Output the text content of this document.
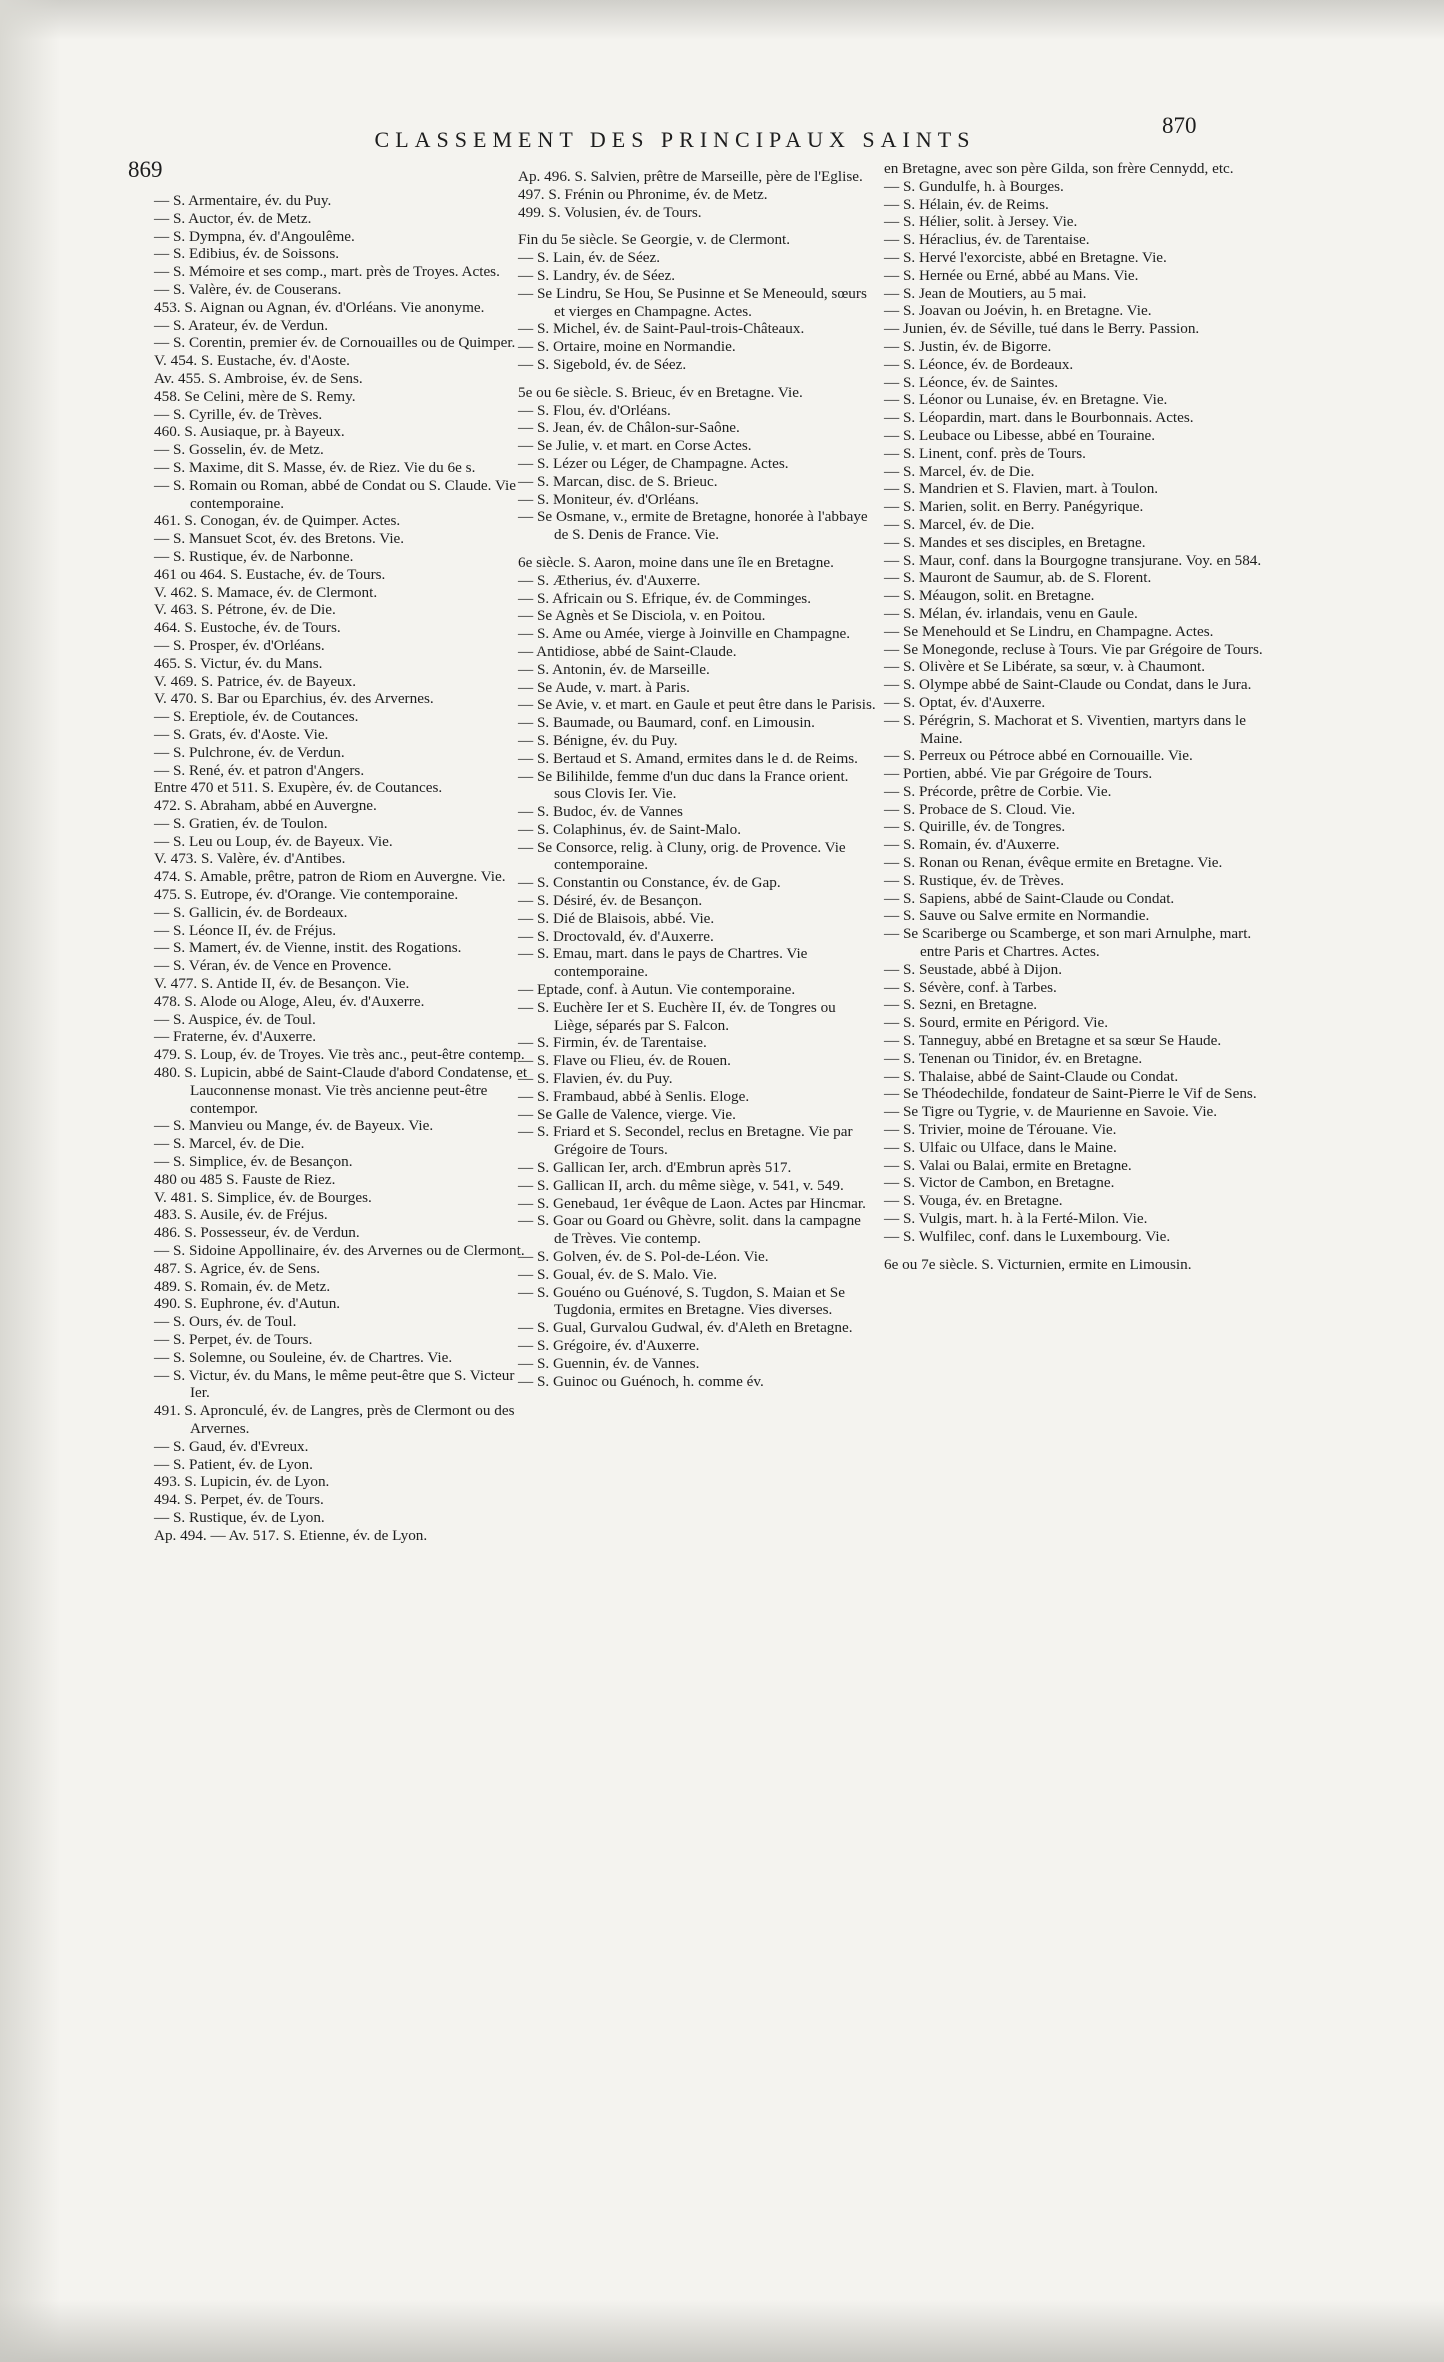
869
CLASSEMENT DES PRINCIPAUX SAINTS
870

— S. Armentaire, év. du Puy.

— S. Auctor, év. de Metz.

— S. Dympna, év. d'Angoulême.

— S. Edibius, év. de Soissons.

— S. Mémoire et ses comp., mart. près de Troyes. Actes.

— S. Valère, év. de Couserans.

453. S. Aignan ou Agnan, év. d'Orléans. Vie anonyme.

— S. Arateur, év. de Verdun.

— S. Corentin, premier év. de Cornouailles ou de Quimper.

V. 454. S. Eustache, év. d'Aoste.

Av. 455. S. Ambroise, év. de Sens.

458. Se Celini, mère de S. Remy.

— S. Cyrille, év. de Trèves.

460. S. Ausiaque, pr. à Bayeux.

— S. Gosselin, év. de Metz.

— S. Maxime, dit S. Masse, év. de Riez. Vie du 6e s.

— S. Romain ou Roman, abbé de Condat ou S. Claude. Vie contemporaine.

461. S. Conogan, év. de Quimper. Actes.

— S. Mansuet Scot, év. des Bretons. Vie.

— S. Rustique, év. de Narbonne.

461 ou 464. S. Eustache, év. de Tours.

V. 462. S. Mamace, év. de Clermont.

V. 463. S. Pétrone, év. de Die.

464. S. Eustoche, év. de Tours.

— S. Prosper, év. d'Orléans.

465. S. Victur, év. du Mans.

V. 469. S. Patrice, év. de Bayeux.

V. 470. S. Bar ou Eparchius, év. des Arvernes.

— S. Ereptiole, év. de Coutances.

— S. Grats, év. d'Aoste. Vie.

— S. Pulchrone, év. de Verdun.

— S. René, év. et patron d'Angers.

Entre 470 et 511. S. Exupère, év. de Coutances.

472. S. Abraham, abbé en Auvergne.

— S. Gratien, év. de Toulon.

— S. Leu ou Loup, év. de Bayeux. Vie.

V. 473. S. Valère, év. d'Antibes.

474. S. Amable, prêtre, patron de Riom en Auvergne. Vie.

475. S. Eutrope, év. d'Orange. Vie contemporaine.

— S. Gallicin, év. de Bordeaux.

— S. Léonce II, év. de Fréjus.

— S. Mamert, év. de Vienne, instit. des Rogations.

— S. Véran, év. de Vence en Provence.

V. 477. S. Antide II, év. de Besançon. Vie.

478. S. Alode ou Aloge, Aleu, év. d'Auxerre.

— S. Auspice, év. de Toul.

— Fraterne, év. d'Auxerre.

479. S. Loup, év. de Troyes. Vie très anc., peut-être contemp.

480. S. Lupicin, abbé de Saint-Claude d'abord Condatense, et Lauconnense monast. Vie très ancienne peut-être contempor.

— S. Manvieu ou Mange, év. de Bayeux. Vie.

— S. Marcel, év. de Die.

— S. Simplice, év. de Besançon.

480 ou 485 S. Fauste de Riez.

V. 481. S. Simplice, év. de Bourges.

483. S. Ausile, év. de Fréjus.

486. S. Possesseur, év. de Verdun.

— S. Sidoine Appollinaire, év. des Arvernes ou de Clermont.

487. S. Agrice, év. de Sens.

489. S. Romain, év. de Metz.

490. S. Euphrone, év. d'Autun.

— S. Ours, év. de Toul.

— S. Perpet, év. de Tours.

— S. Solemne, ou Souleine, év. de Chartres. Vie.

— S. Victur, év. du Mans, le même peut-être que S. Victeur Ier.

491. S. Apronculé, év. de Langres, près de Clermont ou des Arvernes.

— S. Gaud, év. d'Evreux.

— S. Patient, év. de Lyon.

493. S. Lupicin, év. de Lyon.

494. S. Perpet, év. de Tours.

— S. Rustique, év. de Lyon.

Ap. 494. — Av. 517. S. Etienne, év. de Lyon.

Ap. 496. S. Salvien, prêtre de Marseille, père de l'Eglise.

497. S. Frénin ou Phronime, év. de Metz.

499. S. Volusien, év. de Tours.

Fin du 5e siècle. Se Georgie, v. de Clermont.

— S. Lain, év. de Séez.

— S. Landry, év. de Séez.

— Se Lindru, Se Hou, Se Pusinne et Se Meneould, sœurs et vierges en Champagne. Actes.

— S. Michel, év. de Saint-Paul-trois-Châteaux.

— S. Ortaire, moine en Normandie.

— S. Sigebold, év. de Séez.

5e ou 6e siècle. S. Brieuc, év en Bretagne. Vie.

— S. Flou, év. d'Orléans.

— S. Jean, év. de Châlon-sur-Saône.

— Se Julie, v. et mart. en Corse Actes.

— S. Lézer ou Léger, de Champagne. Actes.

— S. Marcan, disc. de S. Brieuc.

— S. Moniteur, év. d'Orléans.

— Se Osmane, v., ermite de Bretagne, honorée à l'abbaye de S. Denis de France. Vie.

6e siècle. S. Aaron, moine dans une île en Bretagne.

— S. Ætherius, év. d'Auxerre.

— S. Africain ou S. Efrique, év. de Comminges.

— Se Agnès et Se Disciola, v. en Poitou.

— S. Ame ou Amée, vierge à Joinville en Champagne.

— Antidiose, abbé de Saint-Claude.

— S. Antonin, év. de Marseille.

— Se Aude, v. mart. à Paris.

— Se Avie, v. et mart. en Gaule et peut être dans le Parisis.

— S. Baumade, ou Baumard, conf. en Limousin.

— S. Bénigne, év. du Puy.

— S. Bertaud et S. Amand, ermites dans le d. de Reims.

— Se Bilihilde, femme d'un duc dans la France orient. sous Clovis Ier. Vie.

— S. Budoc, év. de Vannes

— S. Colaphinus, év. de Saint-Malo.

— Se Consorce, relig. à Cluny, orig. de Provence. Vie contemporaine.

— S. Constantin ou Constance, év. de Gap.

— S. Désiré, év. de Besançon.

— S. Dié de Blaisois, abbé. Vie.

— S. Droctovald, év. d'Auxerre.

— S. Emau, mart. dans le pays de Chartres. Vie contemporaine.

— Eptade, conf. à Autun. Vie contemporaine.

— S. Euchère Ier et S. Euchère II, év. de Tongres ou Liège, séparés par S. Falcon.

— S. Firmin, év. de Tarentaise.

— S. Flave ou Flieu, év. de Rouen.

— S. Flavien, év. du Puy.

— S. Frambaud, abbé à Senlis. Eloge.

— Se Galle de Valence, vierge. Vie.

— S. Friard et S. Secondel, reclus en Bretagne. Vie par Grégoire de Tours.

— S. Gallican Ier, arch. d'Embrun après 517.

— S. Gallican II, arch. du même siège, v. 541, v. 549.

— S. Genebaud, 1er évêque de Laon. Actes par Hincmar.

— S. Goar ou Goard ou Ghèvre, solit. dans la campagne de Trèves. Vie contemp.

— S. Golven, év. de S. Pol-de-Léon. Vie.

— S. Goual, év. de S. Malo. Vie.

— S. Gouéno ou Guénové, S. Tugdon, S. Maian et Se Tugdonia, ermites en Bretagne. Vies diverses.

— S. Gual, Gurvalou Gudwal, év. d'Aleth en Bretagne.

— S. Grégoire, év. d'Auxerre.

— S. Guennin, év. de Vannes.

— S. Guinoc ou Guénoch, h. comme év.

en Bretagne, avec son père Gilda, son frère Cennydd, etc.

— S. Gundulfe, h. à Bourges.

— S. Hélain, év. de Reims.

— S. Hélier, solit. à Jersey. Vie.

— S. Héraclius, év. de Tarentaise.

— S. Hervé l'exorciste, abbé en Bretagne. Vie.

— S. Hernée ou Erné, abbé au Mans. Vie.

— S. Jean de Moutiers, au 5 mai.

— S. Joavan ou Joévin, h. en Bretagne. Vie.

— Junien, év. de Séville, tué dans le Berry. Passion.

— S. Justin, év. de Bigorre.

— S. Léonce, év. de Bordeaux.

— S. Léonce, év. de Saintes.

— S. Léonor ou Lunaise, év. en Bretagne. Vie.

— S. Léopardin, mart. dans le Bourbonnais. Actes.

— S. Leubace ou Libesse, abbé en Touraine.

— S. Linent, conf. près de Tours.

— S. Marcel, év. de Die.

— S. Mandrien et S. Flavien, mart. à Toulon.

— S. Marien, solit. en Berry. Panégyrique.

— S. Marcel, év. de Die.

— S. Mandes et ses disciples, en Bretagne.

— S. Maur, conf. dans la Bourgogne transjurane. Voy. en 584.

— S. Mauront de Saumur, ab. de S. Florent.

— S. Méaugon, solit. en Bretagne.

— S. Mélan, év. irlandais, venu en Gaule.

— Se Menehould et Se Lindru, en Champagne. Actes.

— Se Monegonde, recluse à Tours. Vie par Grégoire de Tours.

— S. Olivère et Se Libérate, sa sœur, v. à Chaumont.

— S. Olympe abbé de Saint-Claude ou Condat, dans le Jura.

— S. Optat, év. d'Auxerre.

— S. Pérégrin, S. Machorat et S. Viventien, martyrs dans le Maine.

— S. Perreux ou Pétroce abbé en Cornouaille. Vie.

— Portien, abbé. Vie par Grégoire de Tours.

— S. Précorde, prêtre de Corbie. Vie.

— S. Probace de S. Cloud. Vie.

— S. Quirille, év. de Tongres.

— S. Romain, év. d'Auxerre.

— S. Ronan ou Renan, évêque ermite en Bretagne. Vie.

— S. Rustique, év. de Trèves.

— S. Sapiens, abbé de Saint-Claude ou Condat.

— S. Sauve ou Salve ermite en Normandie.

— Se Scariberge ou Scamberge, et son mari Arnulphe, mart. entre Paris et Chartres. Actes.

— S. Seustade, abbé à Dijon.

— S. Sévère, conf. à Tarbes.

— S. Sezni, en Bretagne.

— S. Sourd, ermite en Périgord. Vie.

— S. Tanneguy, abbé en Bretagne et sa sœur Se Haude.

— S. Tenenan ou Tinidor, év. en Bretagne.

— S. Thalaise, abbé de Saint-Claude ou Condat.

— Se Théodechilde, fondateur de Saint-Pierre le Vif de Sens.

— Se Tigre ou Tygrie, v. de Maurienne en Savoie. Vie.

— S. Trivier, moine de Térouane. Vie.

— S. Ulfaic ou Ulface, dans le Maine.

— S. Valai ou Balai, ermite en Bretagne.

— S. Victor de Cambon, en Bretagne.

— S. Vouga, év. en Bretagne.

— S. Vulgis, mart. h. à la Ferté-Milon. Vie.

— S. Wulfilec, conf. dans le Luxembourg. Vie.

6e ou 7e siècle. S. Victurnien, ermite en Limousin.
